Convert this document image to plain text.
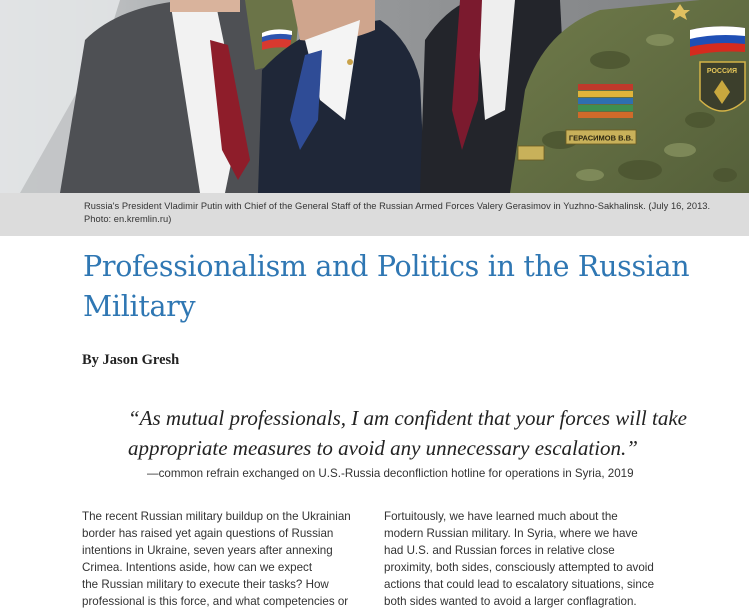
ГЕРАСИМОВ В.В.
РОССИЯ
Russia's President Vladimir Putin with Chief of the General Staff of the Russian Armed Forces Valery Gerasimov in Yuzhno-Sakhalinsk. (July 16, 2013. Photo: en.kremlin.ru)
Professionalism and Politics in the Russian Military
By Jason Gresh

“As mutual professionals, I am confident that your forces will take appropriate measures to avoid any unnecessary escalation.”

—common refrain exchanged on U.S.-Russia deconfliction hotline for operations in Syria, 2019
The recent Russian military buildup on the Ukrainian
border has raised yet again questions of Russian
intentions in Ukraine, seven years after annexing
Crimea. Intentions aside, how can we expect
the Russian military to execute their tasks? How
professional is this force, and what competencies or
Fortuitously, we have learned much about the
modern Russian military. In Syria, where we have
had U.S. and Russian forces in relative close
proximity, both sides, consciously attempted to avoid
actions that could lead to escalatory situations, since
both sides wanted to avoid a larger conflagration.
